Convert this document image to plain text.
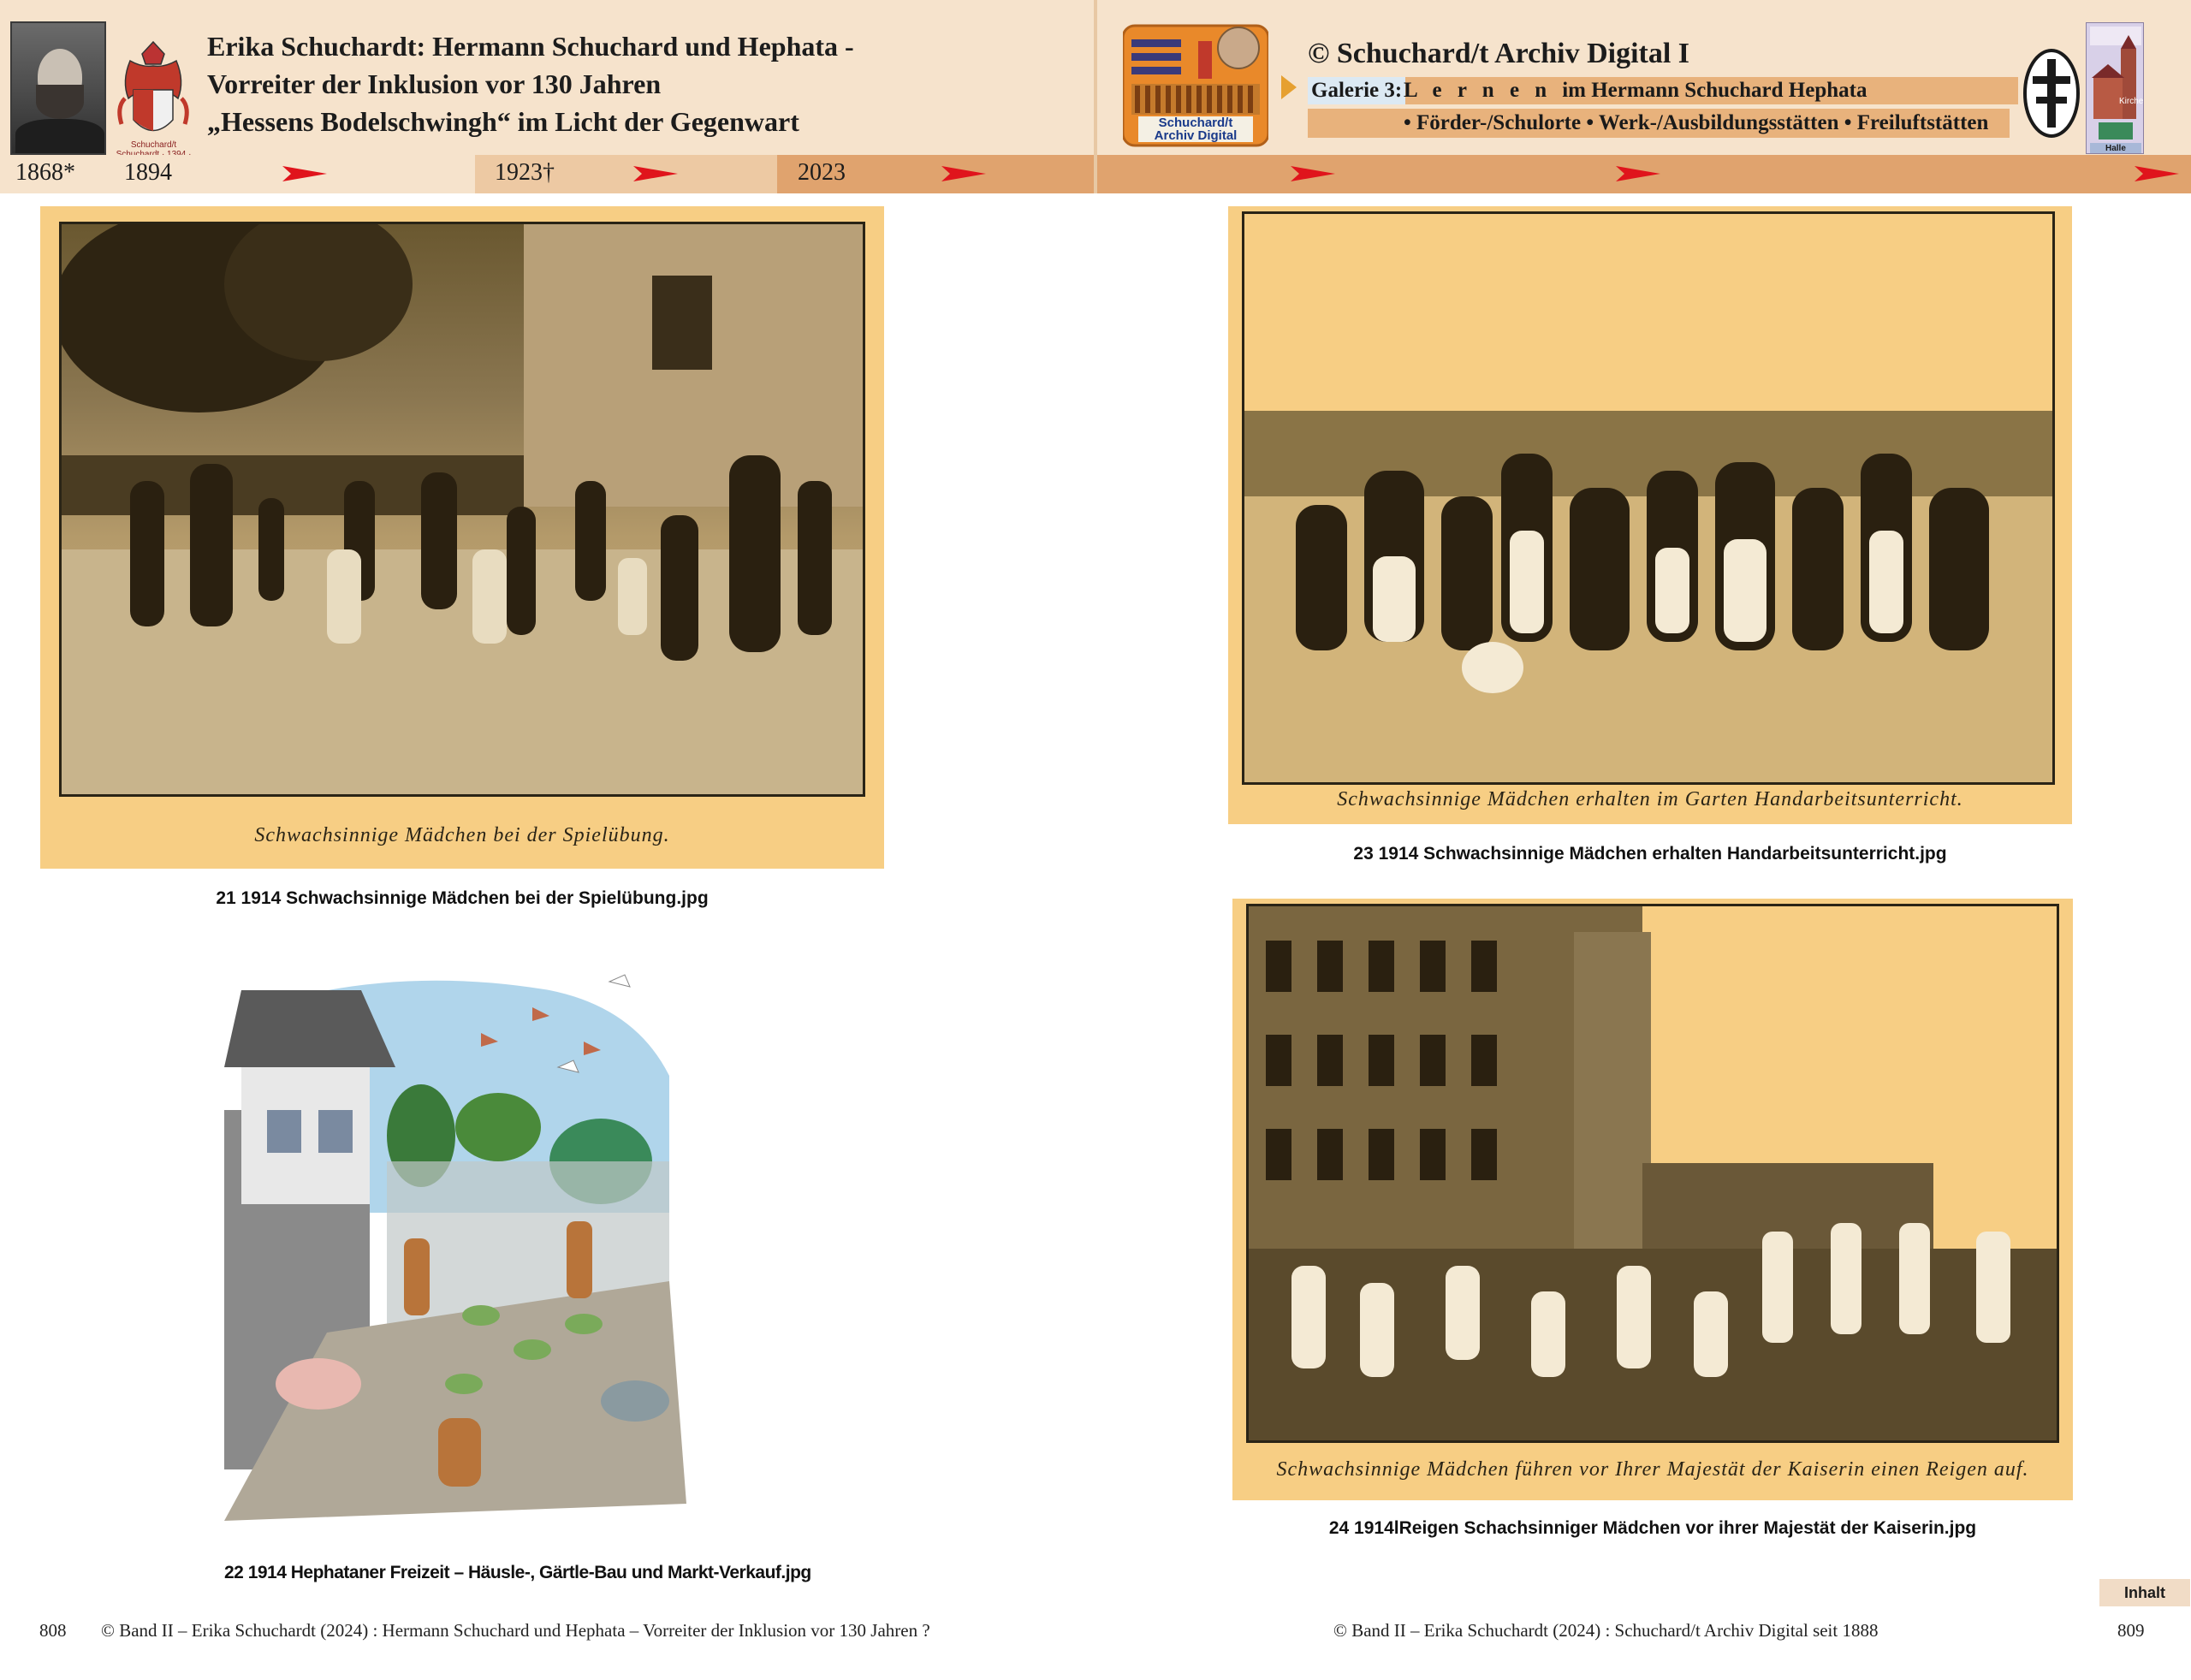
Schuchard/t
Erika Schuchardt: Hermann Schuchard und Hephata -
Vorreiter der Inklusion vor 130 Jahren
„Hessens Bodelschwingh“ im Licht der Gegenwart
1868* 1894	1923†	2023
Schuchard/t
Archiv Digital
© Schuchard/t Archiv Digital I
Galerie 3: L e r n e n im Hermann Schuchard Hephata
• Förder-/Schulorte • Werk-/Ausbildungsstätten • Freiluftstätten
Kirche
Halle
Schwachsinnige Mädchen bei der Spielübung.
21 1914 Schwachsinnige Mädchen bei der Spielübung.jpg
22 1914 Hephataner Freizeit – Häusle-, Gärtle-Bau und Markt-Verkauf.jpg
Schwachsinnige Mädchen erhalten im Garten Handarbeitsunterricht.
23 1914 Schwachsinnige Mädchen erhalten Handarbeitsunterricht.jpg
Schwachsinnige Mädchen führen vor Ihrer Majestät der Kaiserin einen Reigen auf.
24 1914lReigen Schachsinniger Mädchen vor ihrer Majestät der Kaiserin.jpg
Inhalt
808 © Band II – Erika Schuchardt (2024) : Hermann Schuchard und Hephata – Vorreiter der Inklusion vor 130 Jahren ?	© Band II – Erika Schuchardt (2024) : Schuchard/t Archiv Digital seit 1888	809
